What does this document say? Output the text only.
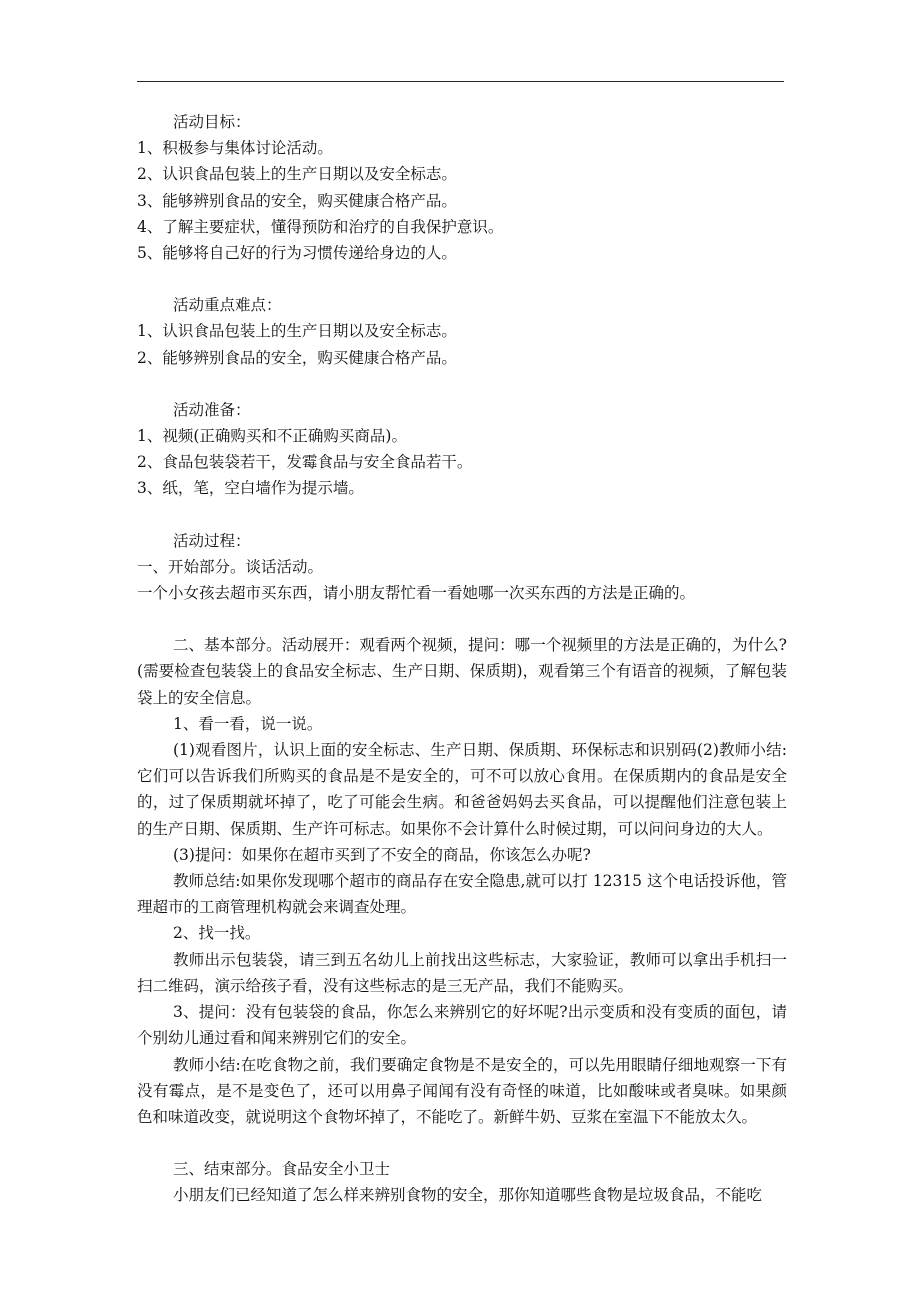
活动目标：
1、积极参与集体讨论活动。
2、认识食品包装上的生产日期以及安全标志。
3、能够辨别食品的安全，购买健康合格产品。
4、了解主要症状，懂得预防和治疗的自我保护意识。
5、能够将自己好的行为习惯传递给身边的人。
活动重点难点：
1、认识食品包装上的生产日期以及安全标志。
2、能够辨别食品的安全，购买健康合格产品。
活动准备：
1、视频(正确购买和不正确购买商品)。
2、食品包装袋若干，发霉食品与安全食品若干。
3、纸，笔，空白墙作为提示墙。
活动过程：
一、开始部分。谈话活动。
一个小女孩去超市买东西，请小朋友帮忙看一看她哪一次买东西的方法是正确的。
二、基本部分。活动展开：观看两个视频，提问：哪一个视频里的方法是正确的，为什么?(需要检查包装袋上的食品安全标志、生产日期、保质期)，观看第三个有语音的视频，了解包装袋上的安全信息。
1、看一看，说一说。
(1)观看图片，认识上面的安全标志、生产日期、保质期、环保标志和识别码(2)教师小结:它们可以告诉我们所购买的食品是不是安全的，可不可以放心食用。在保质期内的食品是安全的，过了保质期就坏掉了，吃了可能会生病。和爸爸妈妈去买食品，可以提醒他们注意包装上的生产日期、保质期、生产许可标志。如果你不会计算什么时候过期，可以问问身边的大人。
(3)提问：如果你在超市买到了不安全的商品，你该怎么办呢?
教师总结:如果你发现哪个超市的商品存在安全隐患,就可以打 12315 这个电话投诉他，管理超市的工商管理机构就会来调查处理。
2、找一找。
教师出示包装袋，请三到五名幼儿上前找出这些标志，大家验证，教师可以拿出手机扫一扫二维码，演示给孩子看，没有这些标志的是三无产品，我们不能购买。
3、提问：没有包装袋的食品，你怎么来辨别它的好坏呢?出示变质和没有变质的面包，请个别幼儿通过看和闻来辨别它们的安全。
教师小结:在吃食物之前，我们要确定食物是不是安全的，可以先用眼睛仔细地观察一下有没有霉点，是不是变色了，还可以用鼻子闻闻有没有奇怪的味道，比如酸味或者臭味。如果颜色和味道改变，就说明这个食物坏掉了，不能吃了。新鲜牛奶、豆浆在室温下不能放太久。
三、结束部分。食品安全小卫士
小朋友们已经知道了怎么样来辨别食物的安全，那你知道哪些食物是垃圾食品，不能吃
